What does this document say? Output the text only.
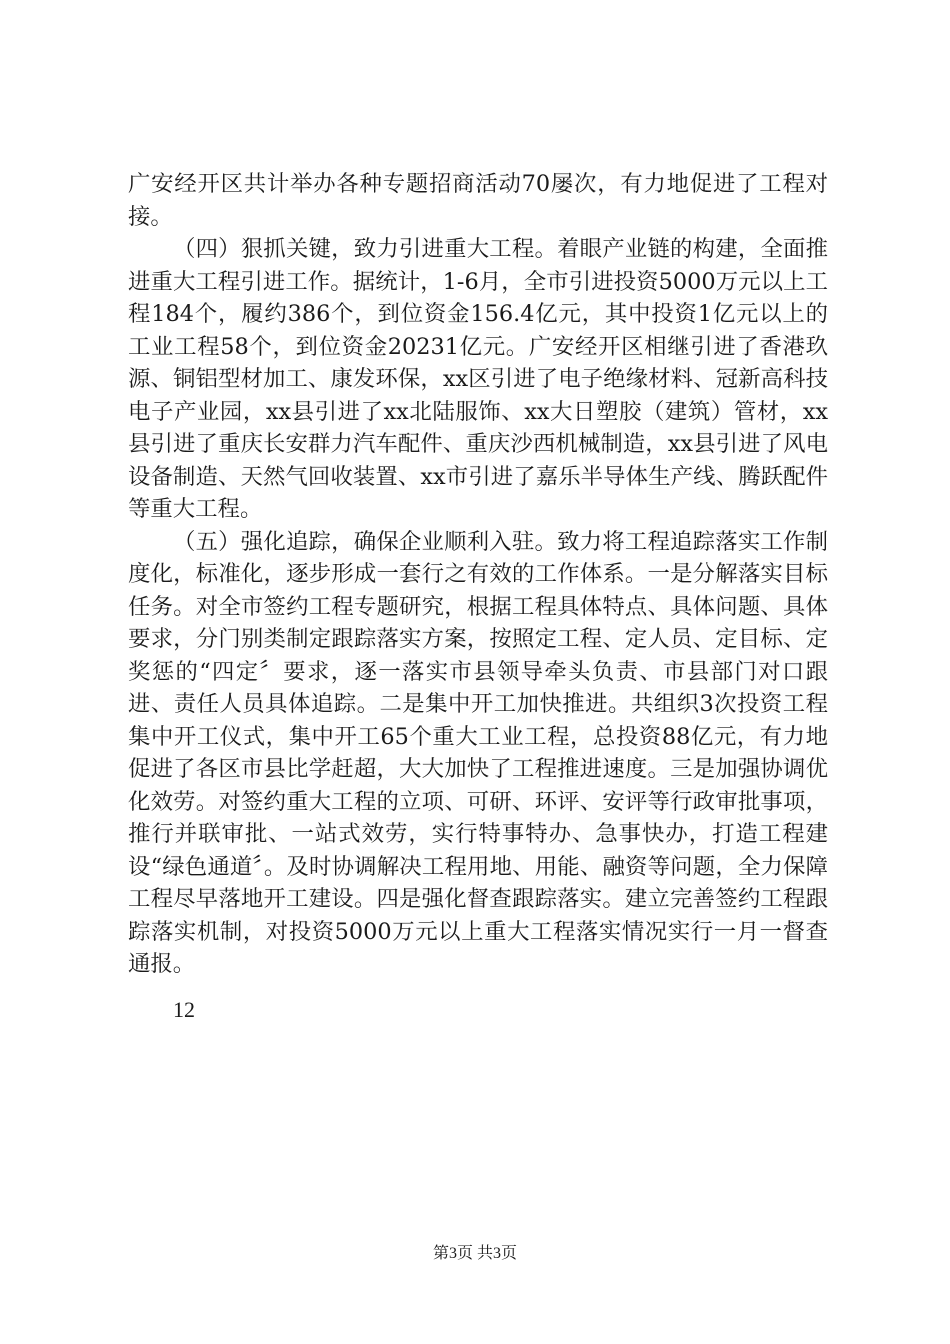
广安经开区共计举办各种专题招商活动70屡次，有力地促进了工程对接。

（四）狠抓关键，致力引进重大工程。着眼产业链的构建，全面推进重大工程引进工作。据统计，1-6月，全市引进投资5000万元以上工程184个，履约386个，到位资金156.4亿元，其中投资1亿元以上的工业工程58个，到位资金20231亿元。广安经开区相继引进了香港玖源、铜铝型材加工、康发环保，xx区引进了电子绝缘材料、冠新高科技电子产业园，xx县引进了xx北陆服饰、xx大日塑胶（建筑）管材，xx县引进了重庆长安群力汽车配件、重庆沙西机械制造，xx县引进了风电设备制造、天然气回收装置、xx市引进了嘉乐半导体生产线、腾跃配件等重大工程。

（五）强化追踪，确保企业顺利入驻。致力将工程追踪落实工作制度化，标准化，逐步形成一套行之有效的工作体系。一是分解落实目标任务。对全市签约工程专题研究，根据工程具体特点、具体问题、具体要求，分门别类制定跟踪落实方案，按照定工程、定人员、定目标、定奖惩的“四定〞要求，逐一落实市县领导牵头负责、市县部门对口跟进、责任人员具体追踪。二是集中开工加快推进。共组织3次投资工程集中开工仪式，集中开工65个重大工业工程，总投资88亿元，有力地促进了各区市县比学赶超，大大加快了工程推进速度。三是加强协调优化效劳。对签约重大工程的立项、可研、环评、安评等行政审批事项，推行并联审批、一站式效劳，实行特事特办、急事快办，打造工程建设“绿色通道〞。及时协调解决工程用地、用能、融资等问题，全力保障工程尽早落地开工建设。四是强化督查跟踪落实。建立完善签约工程跟踪落实机制，对投资5000万元以上重大工程落实情况实行一月一督查通报。

12
第3页 共3页
